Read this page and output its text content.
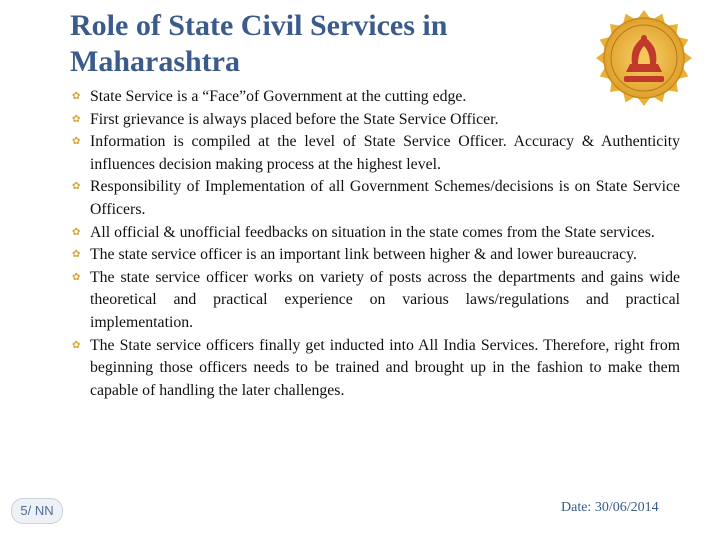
Role of State Civil Services in Maharashtra
✿ State Service is a “Face”of Government at the cutting edge.
✿ First grievance is always placed before the State Service Officer.
✿ Information is compiled at the level of State Service Officer. Accuracy & Authenticity influences decision making process at the highest level.
✿ Responsibility of Implementation of all Government Schemes/decisions is on State Service Officers.
✿ All official & unofficial feedbacks on situation in the state comes from the State services.
✿ The state service officer is an important link between higher & and lower bureaucracy.
✿ The state service officer works on variety of posts across the departments and gains wide theoretical and practical experience on various laws/regulations and practical implementation.
✿ The State service officers finally get inducted into All India Services. Therefore, right from beginning those officers needs to be trained and brought up in the fashion to make them capable of handling the later challenges.
5/ NN	Date: 30/06/2014
